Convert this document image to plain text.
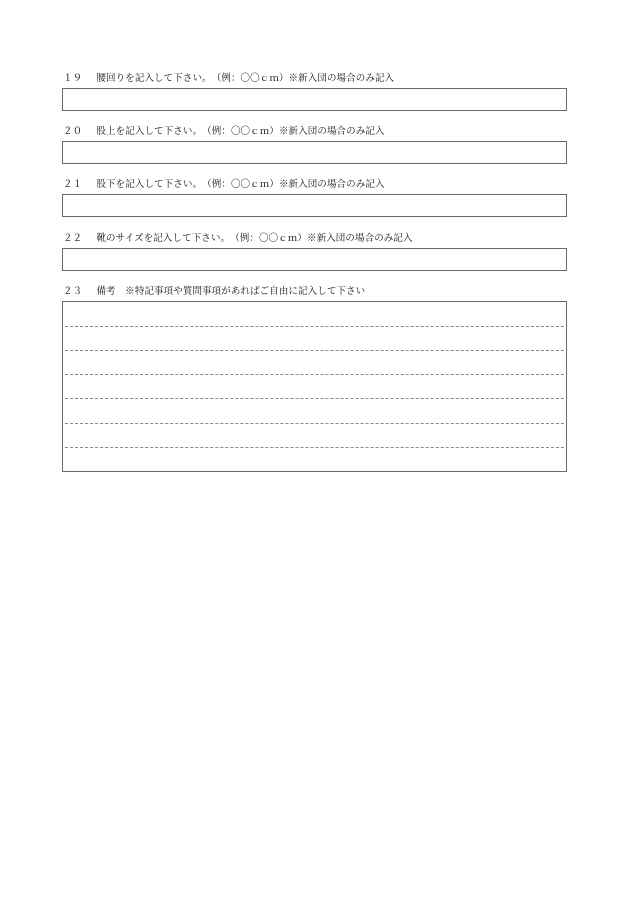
１９ 腰回りを記入して下さい。　（例：〇〇ｃｍ）※新入団の場合のみ記入
２０ 股上を記入して下さい。　（例：〇〇ｃｍ）※新入団の場合のみ記入
２１ 股下を記入して下さい。　（例：〇〇ｃｍ）※新入団の場合のみ記入
２２ 靴のサイズを記入して下さい。　（例：〇〇ｃｍ）※新入団の場合のみ記入
２３ 備考　※特記事項や質問事項があればご自由に記入して下さい
